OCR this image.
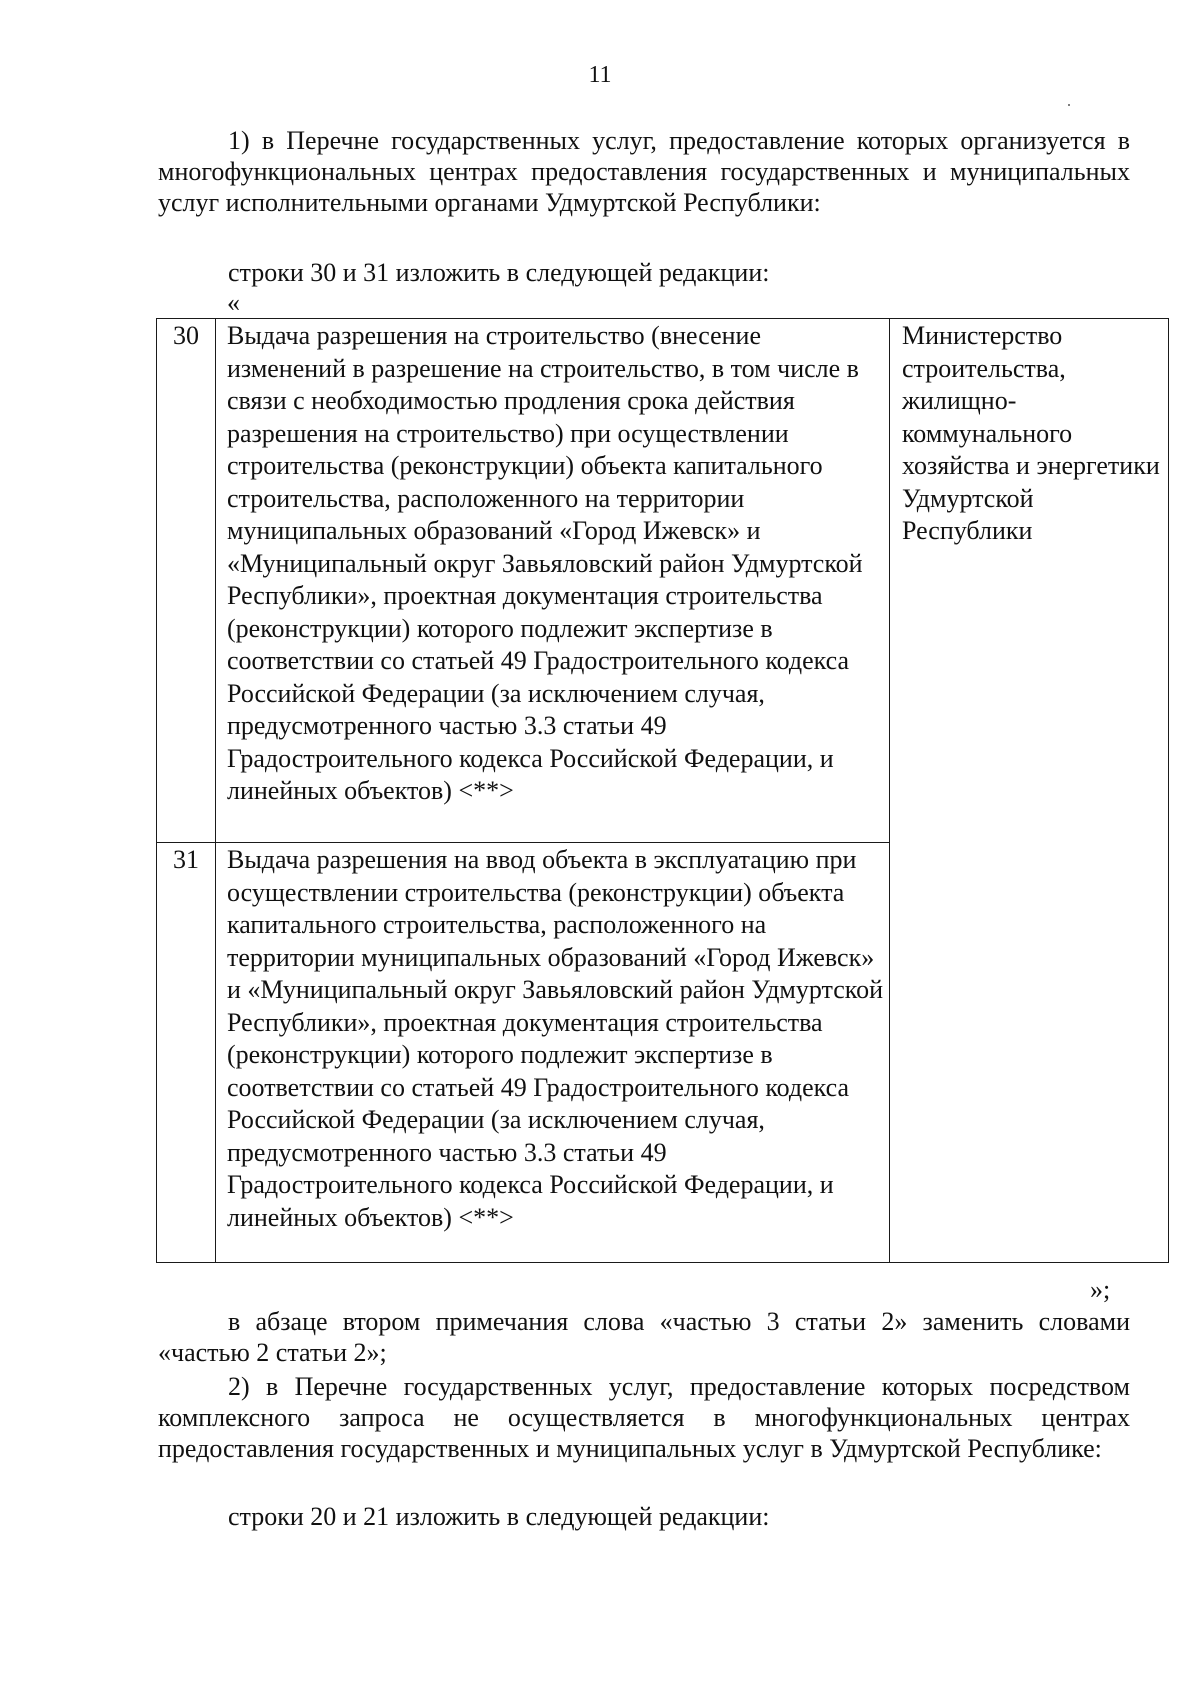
11

1) в Перечне государственных услуг, предоставление которых организуется в многофункциональных центрах предоставления государственных и муниципальных услуг исполнительными органами Удмуртской Республики:

строки 30 и 31 изложить в следующей редакции:

«
30	Выдача разрешения на строительство (внесение изменений в разрешение на строительство, в том числе в связи с необходимостью продления срока действия разрешения на строительство) при осуществлении строительства (реконструкции) объекта капитального строительства, расположенного на территории муниципальных образований «Город Ижевск» и «Муниципальный округ Завьяловский район Удмуртской Республики», проектная документация строительства (реконструкции) которого подлежит экспертизе в соответствии со статьей 49 Градостроительного кодекса Российской Федерации (за исключением случая, предусмотренного частью 3.3 статьи 49 Градостроительного кодекса Российской Федерации, и линейных объектов) <**>	Министерство строительства, жилищно-коммунального хозяйства и энергетики Удмуртской Республики
31	Выдача разрешения на ввод объекта в эксплуатацию при осуществлении строительства (реконструкции) объекта капитального строительства, расположенного на территории муниципальных образований «Город Ижевск» и «Муниципальный округ Завьяловский район Удмуртской Республики», проектная документация строительства (реконструкции) которого подлежит экспертизе в соответствии со статьей 49 Градостроительного кодекса Российской Федерации (за исключением случая, предусмотренного частью 3.3 статьи 49 Градостроительного кодекса Российской Федерации, и линейных объектов) <**>	
»;

в абзаце втором примечания слова «частью 3 статьи 2» заменить словами «частью 2 статьи 2»;

2) в Перечне государственных услуг, предоставление которых посредством комплексного запроса не осуществляется в многофункциональных центрах предоставления государственных и муниципальных услуг в Удмуртской Республике:

строки 20 и 21 изложить в следующей редакции:
